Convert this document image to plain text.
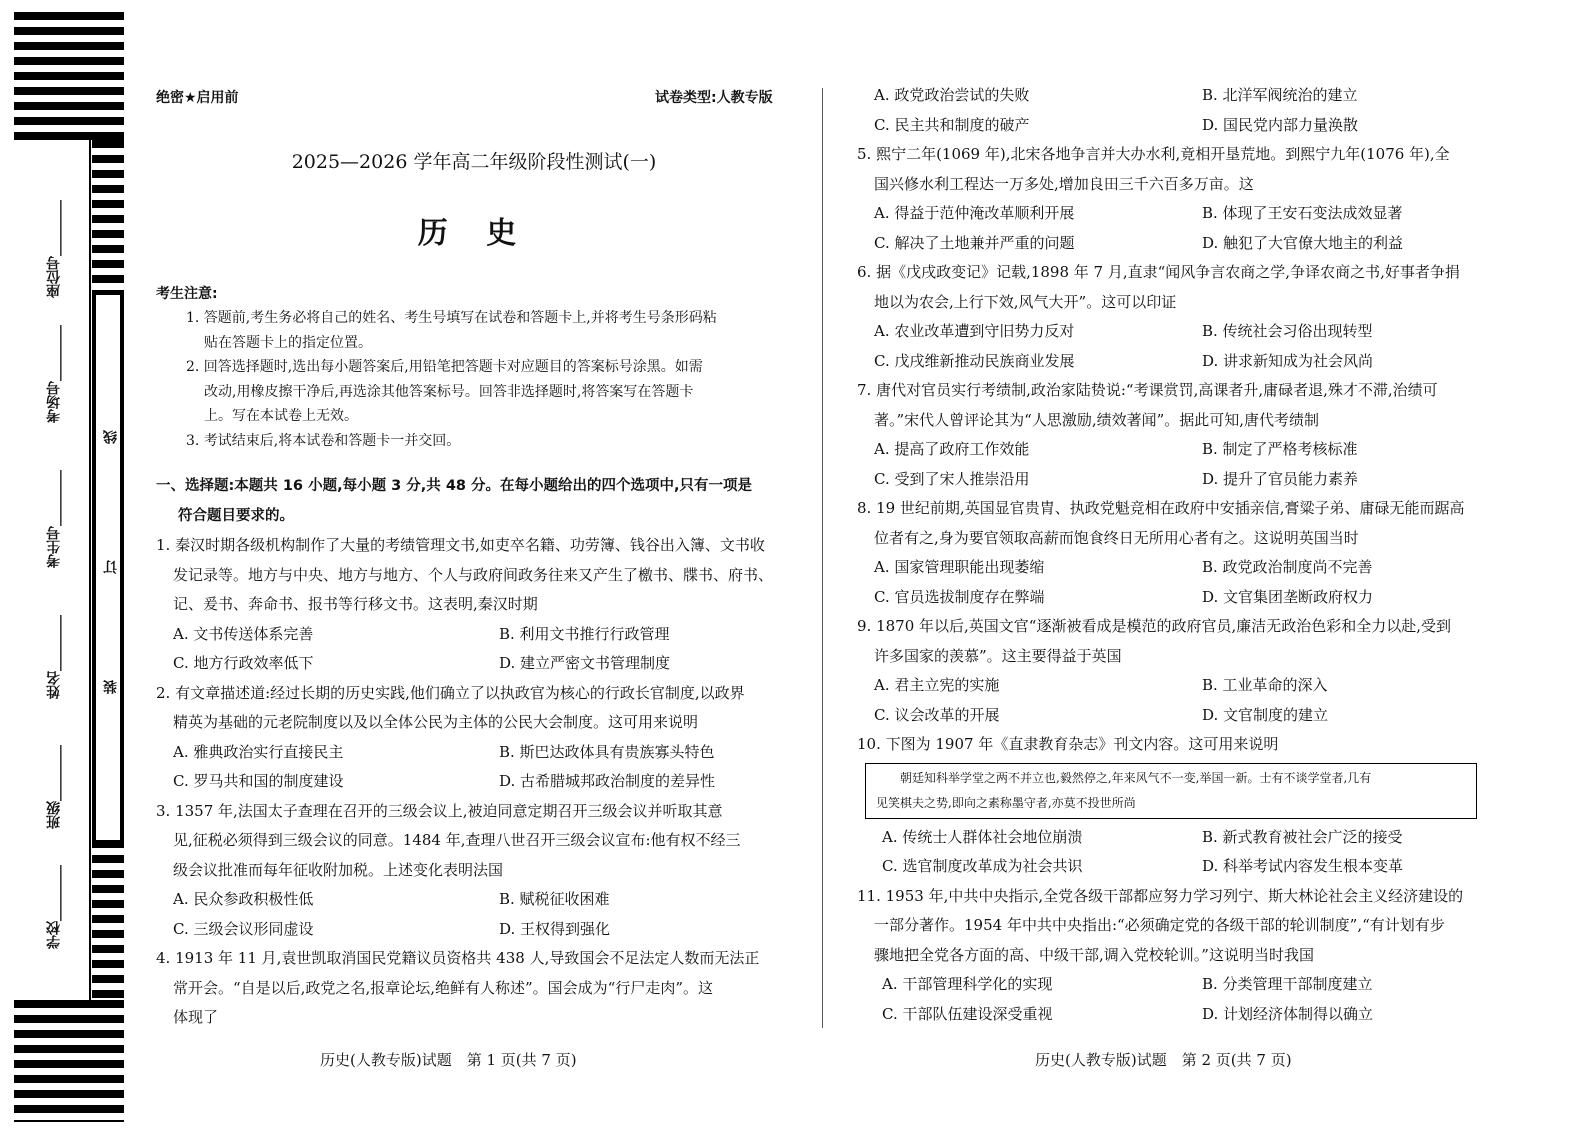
座位号________
考场号________
考生号________
姓名________
班级________
学校________
线
订
装
绝密★启用前	试卷类型:人教专版
2025—2026 学年高二年级阶段性测试(一)
历 史
考生注意:
1. 答题前,考生务必将自己的姓名、考生号填写在试卷和答题卡上,并将考生号条形码粘
贴在答题卡上的指定位置。
2. 回答选择题时,选出每小题答案后,用铅笔把答题卡对应题目的答案标号涂黑。如需
改动,用橡皮擦干净后,再选涂其他答案标号。回答非选择题时,将答案写在答题卡
上。写在本试卷上无效。
3. 考试结束后,将本试卷和答题卡一并交回。
一、选择题:本题共 16 小题,每小题 3 分,共 48 分。在每小题给出的四个选项中,只有一项是
符合题目要求的。
1. 秦汉时期各级机构制作了大量的考绩管理文书,如吏卒名籍、功劳簿、钱谷出入簿、文书收
发记录等。地方与中央、地方与地方、个人与政府间政务往来又产生了檄书、牒书、府书、
记、爰书、奔命书、报书等行移文书。这表明,秦汉时期
A. 文书传送体系完善	B. 利用文书推行行政管理
C. 地方行政效率低下	D. 建立严密文书管理制度
2. 有文章描述道:经过长期的历史实践,他们确立了以执政官为核心的行政长官制度,以政界
精英为基础的元老院制度以及以全体公民为主体的公民大会制度。这可用来说明
A. 雅典政治实行直接民主	B. 斯巴达政体具有贵族寡头特色
C. 罗马共和国的制度建设	D. 古希腊城邦政治制度的差异性
3. 1357 年,法国太子查理在召开的三级会议上,被迫同意定期召开三级会议并听取其意
见,征税必须得到三级会议的同意。1484 年,查理八世召开三级会议宣布:他有权不经三
级会议批准而每年征收附加税。上述变化表明法国
A. 民众参政积极性低	B. 赋税征收困难
C. 三级会议形同虚设	D. 王权得到强化
4. 1913 年 11 月,袁世凯取消国民党籍议员资格共 438 人,导致国会不足法定人数而无法正
常开会。“自是以后,政党之名,报章论坛,绝鲜有人称述”。国会成为“行尸走肉”。这
体现了
历史(人教专版)试题　第 1 页(共 7 页)
A. 政党政治尝试的失败	B. 北洋军阀统治的建立
C. 民主共和制度的破产	D. 国民党内部力量涣散
5. 熙宁二年(1069 年),北宋各地争言并大办水利,竟相开垦荒地。到熙宁九年(1076 年),全
国兴修水利工程达一万多处,增加良田三千六百多万亩。这
A. 得益于范仲淹改革顺利开展	B. 体现了王安石变法成效显著
C. 解决了土地兼并严重的问题	D. 触犯了大官僚大地主的利益
6. 据《戊戌政变记》记载,1898 年 7 月,直隶“闻风争言农商之学,争译农商之书,好事者争捐
地以为农会,上行下效,风气大开”。这可以印证
A. 农业改革遭到守旧势力反对	B. 传统社会习俗出现转型
C. 戊戌维新推动民族商业发展	D. 讲求新知成为社会风尚
7. 唐代对官员实行考绩制,政治家陆贽说:“考课赏罚,高课者升,庸碌者退,殊才不滞,治绩可
著。”宋代人曾评论其为“人思激励,绩效著闻”。据此可知,唐代考绩制
A. 提高了政府工作效能	B. 制定了严格考核标准
C. 受到了宋人推崇沿用	D. 提升了官员能力素养
8. 19 世纪前期,英国显官贵胄、执政党魁竞相在政府中安插亲信,膏粱子弟、庸碌无能而踞高
位者有之,身为要官领取高薪而饱食终日无所用心者有之。这说明英国当时
A. 国家管理职能出现萎缩	B. 政党政治制度尚不完善
C. 官员选拔制度存在弊端	D. 文官集团垄断政府权力
9. 1870 年以后,英国文官“逐渐被看成是模范的政府官员,廉洁无政治色彩和全力以赴,受到
许多国家的羡慕”。这主要得益于英国
A. 君主立宪的实施	B. 工业革命的深入
C. 议会改革的开展	D. 文官制度的建立
10. 下图为 1907 年《直隶教育杂志》刊文内容。这可用来说明
朝廷知科举学堂之两不并立也,毅然停之,年来风气不一变,举国一新。士有不谈学堂者,几有
见笑棋夫之势,即向之素称墨守者,亦莫不投世所尚
A. 传统士人群体社会地位崩溃	B. 新式教育被社会广泛的接受
C. 选官制度改革成为社会共识	D. 科举考试内容发生根本变革
11. 1953 年,中共中央指示,全党各级干部都应努力学习列宁、斯大林论社会主义经济建设的
一部分著作。1954 年中共中央指出:“必须确定党的各级干部的轮训制度”,“有计划有步
骤地把全党各方面的高、中级干部,调入党校轮训。”这说明当时我国
A. 干部管理科学化的实现	B. 分类管理干部制度建立
C. 干部队伍建设深受重视	D. 计划经济体制得以确立
历史(人教专版)试题　第 2 页(共 7 页)
